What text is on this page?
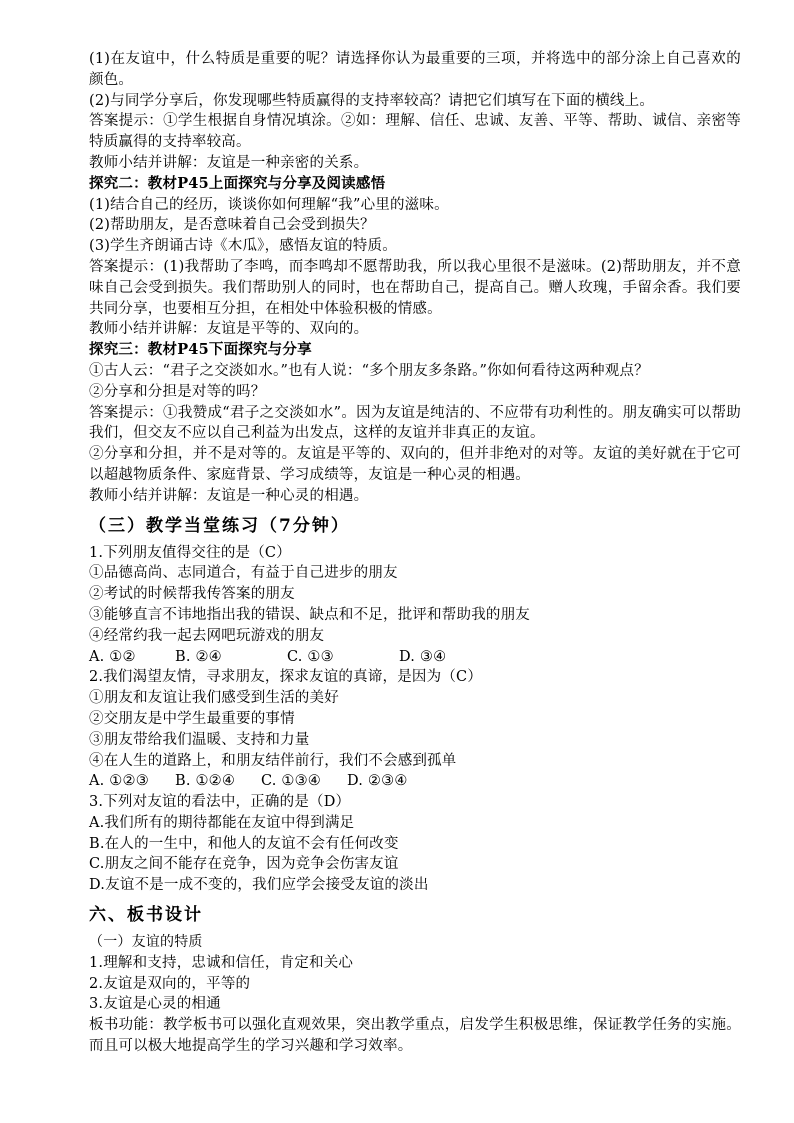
(1)在友谊中，什么特质是重要的呢？请选择你认为最重要的三项，并将选中的部分涂上自己喜欢的颜色。
(2)与同学分享后，你发现哪些特质赢得的支持率较高？请把它们填写在下面的横线上。
答案提示：①学生根据自身情况填涂。②如：理解、信任、忠诚、友善、平等、帮助、诚信、亲密等特质赢得的支持率较高。
教师小结并讲解：友谊是一种亲密的关系。
探究二：教材P45上面探究与分享及阅读感悟
(1)结合自己的经历，谈谈你如何理解“我”心里的滋味。
(2)帮助朋友，是否意味着自己会受到损失？
(3)学生齐朗诵古诗《木瓜》，感悟友谊的特质。
答案提示：(1)我帮助了李鸣，而李鸣却不愿帮助我，所以我心里很不是滋味。(2)帮助朋友，并不意味自己会受到损失。我们帮助别人的同时，也在帮助自己，提高自己。赠人玫瑰，手留余香。我们要共同分享，也要相互分担，在相处中体验积极的情感。
教师小结并讲解：友谊是平等的、双向的。
探究三：教材P45下面探究与分享
①古人云：“君子之交淡如水。”也有人说：“多个朋友多条路。”你如何看待这两种观点？
②分享和分担是对等的吗？
答案提示：①我赞成“君子之交淡如水”。因为友谊是纯洁的、不应带有功利性的。朋友确实可以帮助我们，但交友不应以自己利益为出发点，这样的友谊并非真正的友谊。
②分享和分担，并不是对等的。友谊是平等的、双向的，但并非绝对的对等。友谊的美好就在于它可以超越物质条件、家庭背景、学习成绩等，友谊是一种心灵的相遇。
教师小结并讲解：友谊是一种心灵的相遇。
（三）教学当堂练习（7分钟）
1.下列朋友值得交往的是（C）
①品德高尚、志同道合，有益于自己进步的朋友
②考试的时候帮我传答案的朋友
③能够直言不讳地指出我的错误、缺点和不足，批评和帮助我的朋友
④经常约我一起去网吧玩游戏的朋友
A. ①②	B. ②④	C. ①③	D. ③④
2.我们渴望友情，寻求朋友，探求友谊的真谛，是因为（C）
①朋友和友谊让我们感受到生活的美好
②交朋友是中学生最重要的事情
③朋友带给我们温暖、支持和力量
④在人生的道路上，和朋友结伴前行，我们不会感到孤单
A. ①②③ B. ①②④ C. ①③④ D. ②③④
3.下列对友谊的看法中，正确的是（D）
A.我们所有的期待都能在友谊中得到满足
B.在人的一生中，和他人的友谊不会有任何改变
C.朋友之间不能存在竞争，因为竞争会伤害友谊
D.友谊不是一成不变的，我们应学会接受友谊的淡出
六、板书设计
（一）友谊的特质
1.理解和支持，忠诚和信任，肯定和关心
2.友谊是双向的，平等的
3.友谊是心灵的相通
板书功能：教学板书可以强化直观效果，突出教学重点，启发学生积极思维，保证教学任务的实施。而且可以极大地提高学生的学习兴趣和学习效率。
